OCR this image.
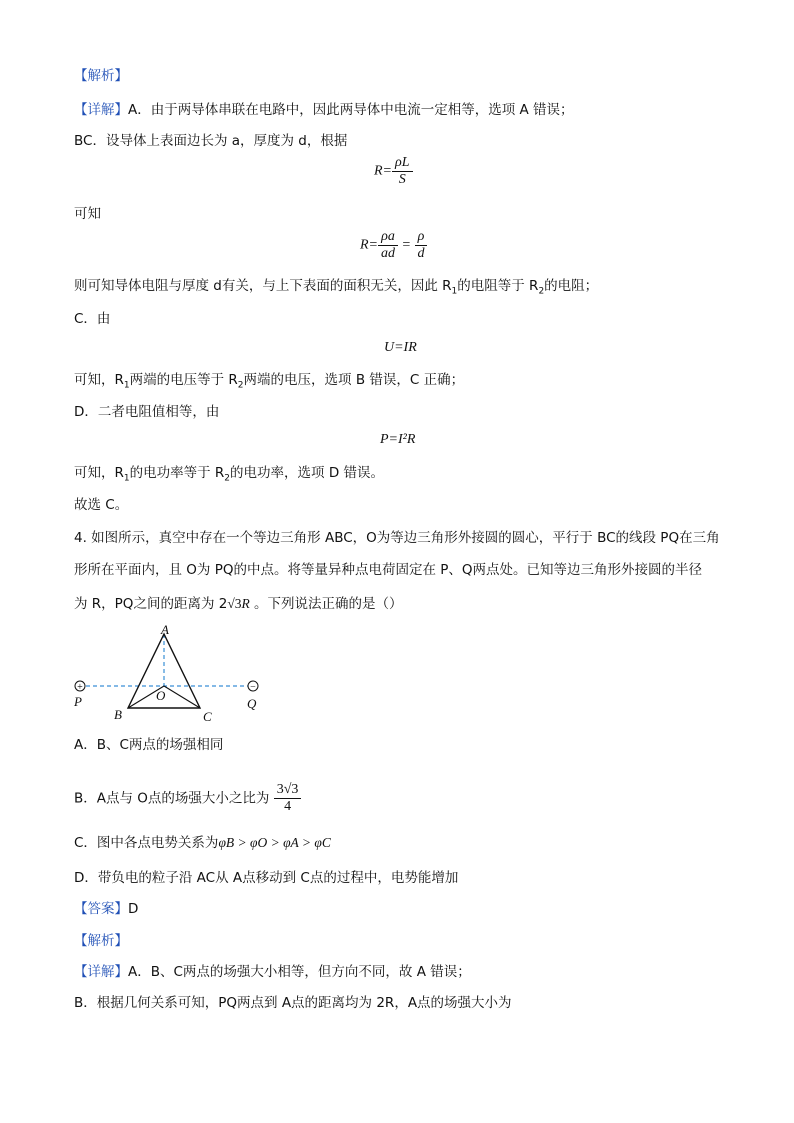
【解析】
【详解】A．由于两导体串联在电路中，因此两导体中电流一定相等，选项 A 错误；
BC．设导体上表面边长为 a，厚度为 d，根据
$R= \frac{\rho L}{S}$
可知
$R= \frac{\rho a}{ad} = \frac{\rho}{d}$
则可知导体电阻与厚度 d有关，与上下表面的面积无关，因此 $R_1$的电阻等于 $R_2$的电阻；
C．由
U=IR
可知，$R_1$两端的电压等于 $R_2$两端的电压，选项 B 错误，C 正确；
D．二者电阻值相等，由
P=I²R
可知，$R_1$的电功率等于 $R_2$的电功率，选项 D 错误。
故选 C。
4. 如图所示，真空中存在一个等边三角形 ABC，O为等边三角形外接圆的圆心，平行于 BC的线段 PQ在三角
形所在平面内，且 O为 PQ的中点。将等量异种点电荷固定在 P、Q两点处。已知等边三角形外接圆的半径
为 R，PQ之间的距离为 2√3R 。下列说法正确的是（）
+	−
A
O
B	C
P	Q
A．B、C两点的场强相同
B．A点与 O点的场强大小之比为 $\frac{3√3}{4}$
C．图中各点电势关系为φB > φO > φA > φC
D．带负电的粒子沿 AC从 A点移动到 C点的过程中，电势能增加
【答案】D
【解析】
【详解】A．B、C两点的场强大小相等，但方向不同，故 A 错误；
B．根据几何关系可知，PQ两点到 A点的距离均为 2R，A点的场强大小为
